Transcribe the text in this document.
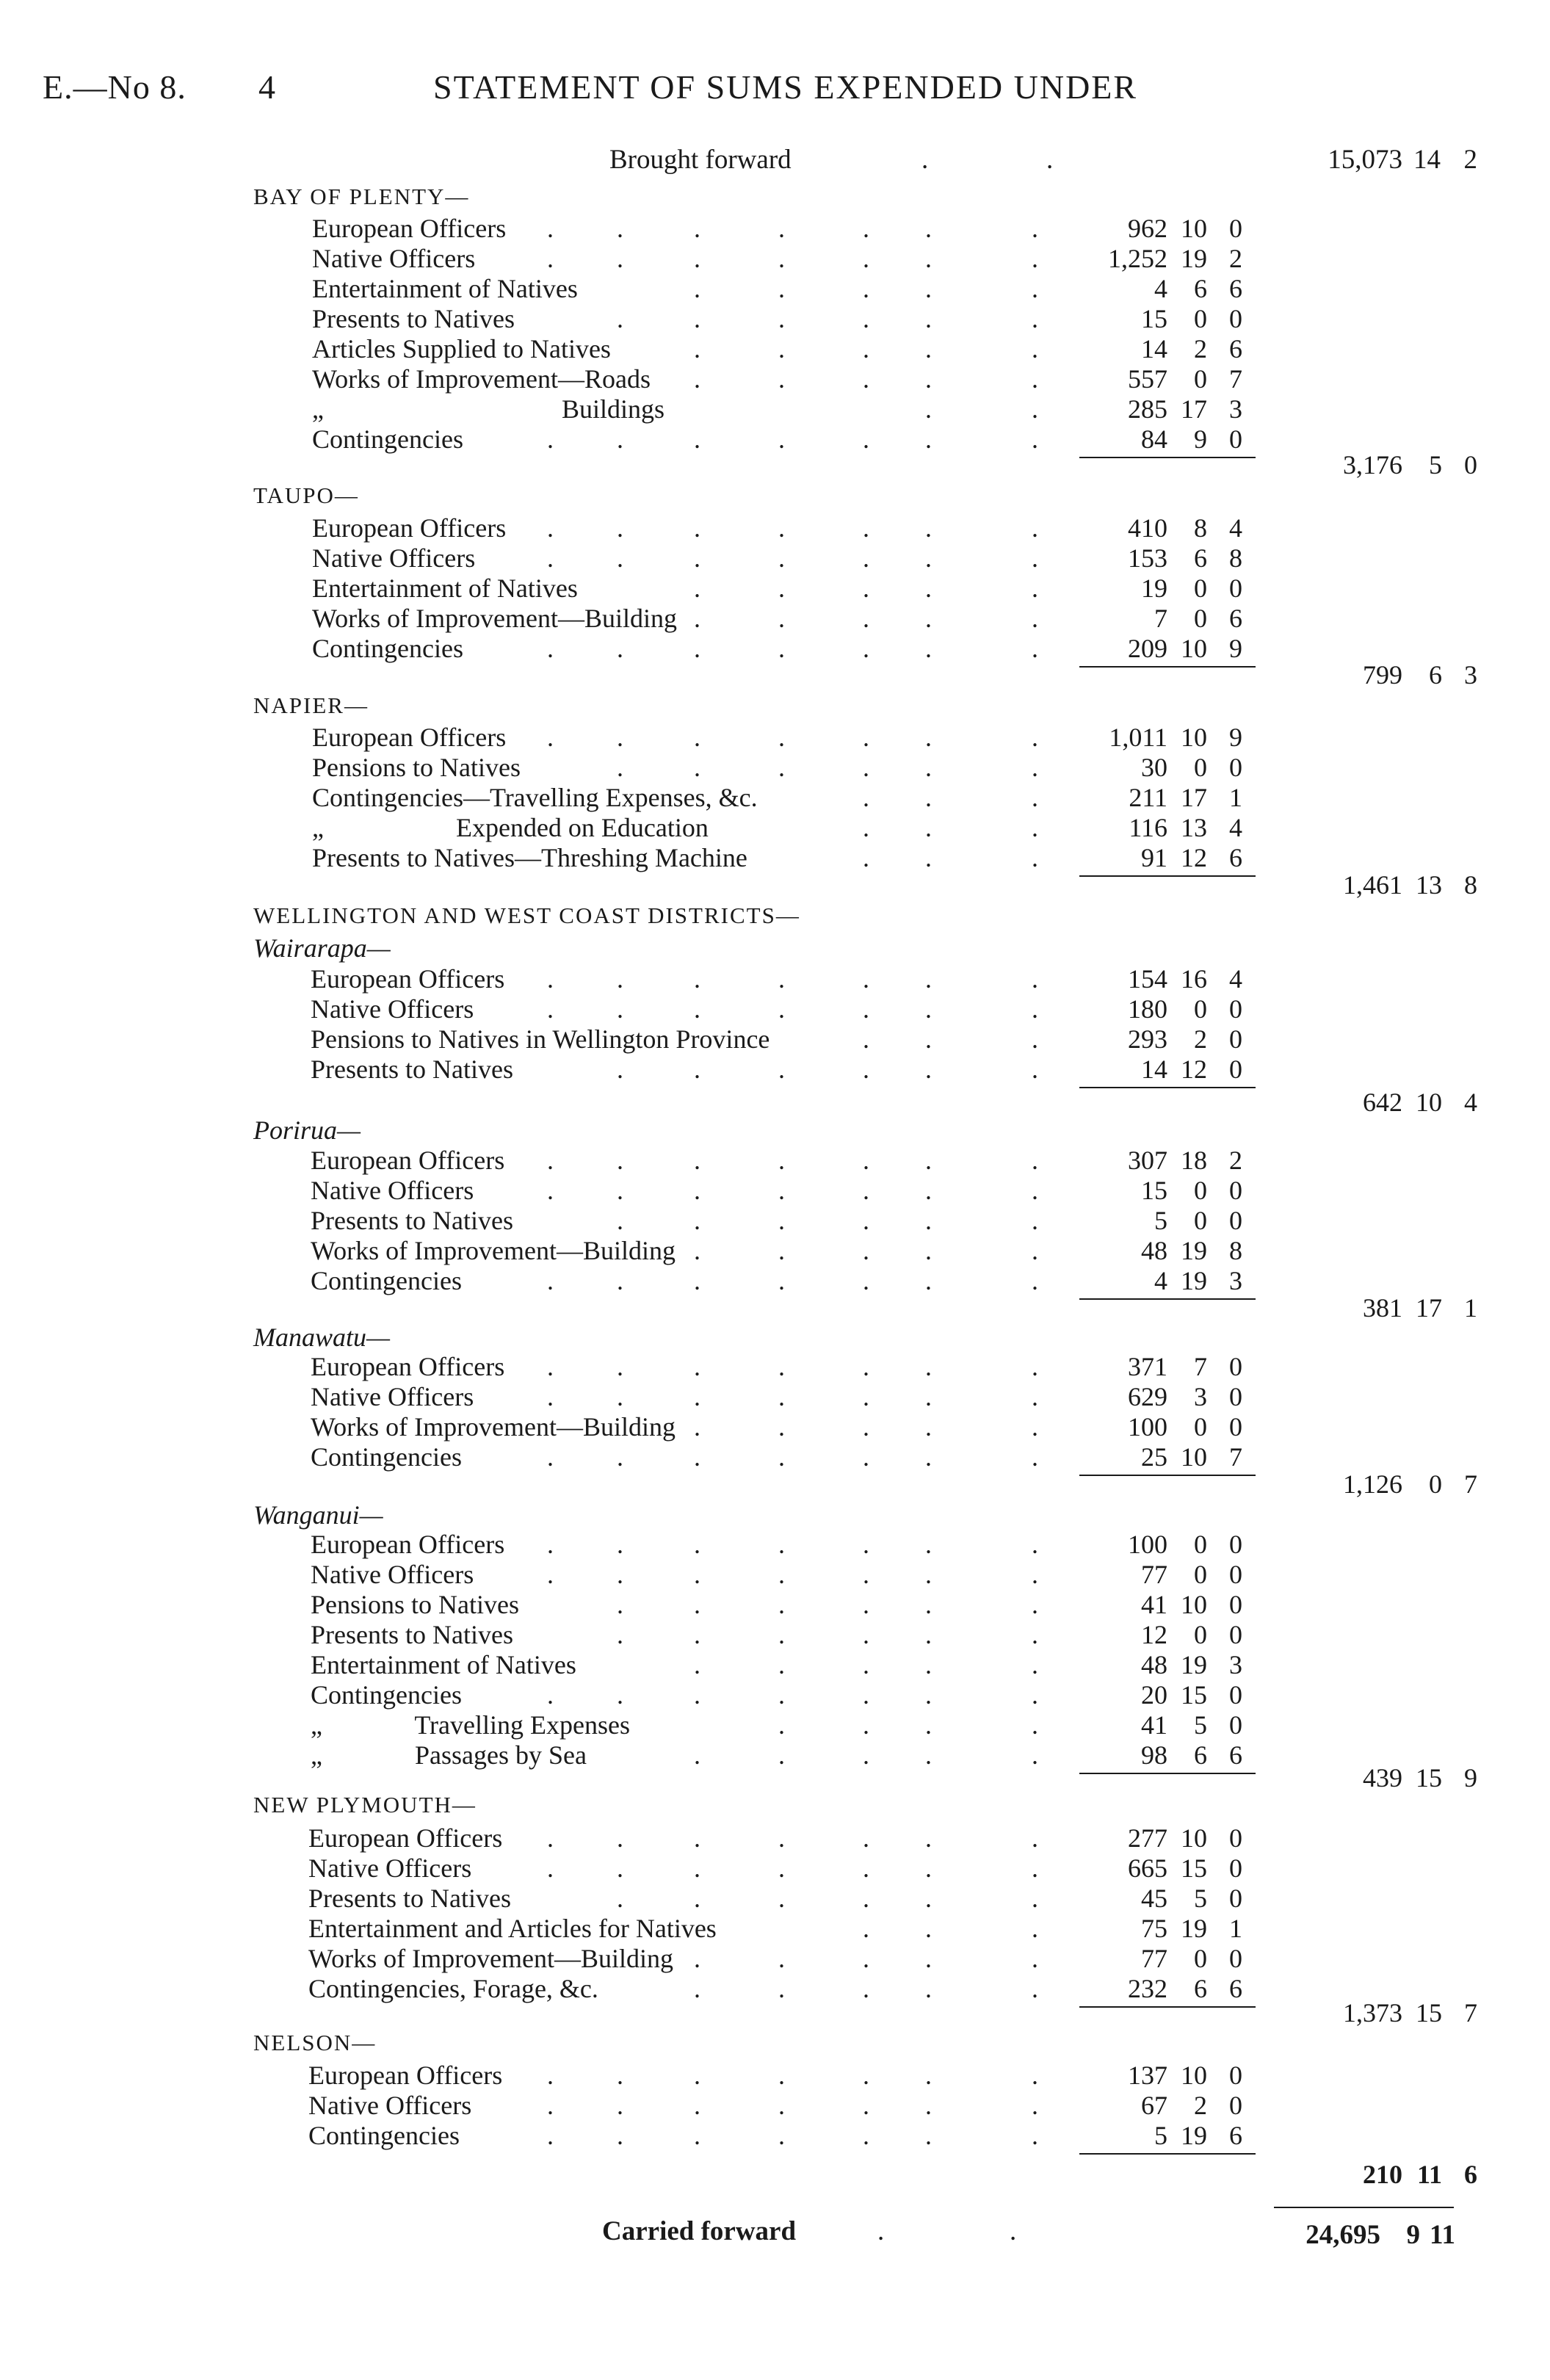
E.—No 8. 4	STATEMENT OF SUMS EXPENDED UNDER
Brought forward	.	.	15,073 14 2
BAY OF PLENTY—
European Officers . .	.	.	. .	.	962 10 0
Native Officers	. .	.	.	. .	.	1,252 19 2
Entertainment of Natives	.	.	. .	.	4	6 6
Presents to Natives	.	.	.	. .	.	15	0 0
Articles Supplied to Natives	.	.	. .	.	14	2 6
Works of Improvement—Roads .	.	. .	.	557	0 7
„                                    Buildings	.	.	285 17 3
Contingencies	. .	.	.	. .	.	84	9 0
3,176	5 0
TAUPO—
European Officers . .	.	.	. .	.	410	8 4
Native Officers	. .	.	.	. .	.	153	6 8
Entertainment of Natives	.	.	. .	.	19	0 0
Works of Improvement—Building .	.	. .	.	7	0 6
Contingencies	. .	.	.	. .	.	209 10 9
799	6 3
NAPIER—
European Officers . .	.	.	. .	.	1,011 10 9
Pensions to Natives	.	.	.	. .	.	30	0 0
Contingencies—Travelling Expenses, &c.	. .	.	211 17 1
„                    Expended on Education	. .	.	116 13 4
Presents to Natives—Threshing Machine	. .	.	91 12 6
1,461 13 8
WELLINGTON AND WEST COAST DISTRICTS—
Wairarapa—
European Officers . .	.	.	. .	.	154 16 4
Native Officers	. .	.	.	. .	.	180	0 0
Pensions to Natives in Wellington Province	. .	.	293	2 0
Presents to Natives	.	.	.	. .	.	14 12 0
642 10 4
Porirua—
European Officers . .	.	.	. .	.	307 18 2
Native Officers	. .	.	.	. .	.	15	0 0
Presents to Natives	.	.	.	. .	.	5	0 0
Works of Improvement—Building .	.	. .	.	48 19 8
Contingencies	. .	.	.	. .	.	4 19 3
381 17 1
Manawatu—
European Officers . .	.	.	. .	.	371	7 0
Native Officers	. .	.	.	. .	.	629	3 0
Works of Improvement—Building .	.	. .	.	100	0 0
Contingencies	. .	.	.	. .	.	25 10 7
1,126	0 7
Wanganui—
European Officers . .	.	.	. .	.	100	0 0
Native Officers	. .	.	.	. .	.	77	0 0
Pensions to Natives	.	.	.	. .	.	41 10 0
Presents to Natives	.	.	.	. .	.	12	0 0
Entertainment of Natives	.	.	. .	.	48 19 3
Contingencies	. .	.	.	. .	.	20 15 0
„              Travelling Expenses	.	. .	.	41	5 0
„              Passages by Sea	.	.	. .	.	98	6 6
439 15 9
NEW PLYMOUTH—
European Officers . .	.	.	. .	.	277 10 0
Native Officers	. .	.	.	. .	.	665 15 0
Presents to Natives	.	.	.	. .	.	45	5 0
Entertainment and Articles for Natives	. .	.	75 19 1
Works of Improvement—Building .	.	. .	.	77	0 0
Contingencies, Forage, &c.	.	.	. .	.	232	6 6
1,373 15 7
NELSON—
European Officers . .	.	.	. .	.	137 10 0
Native Officers	. .	.	.	. .	.	67	2 0
Contingencies	. .	.	.	. .	.	5 19 6
210 11 6
Carried forward	.	.	24,695 9 11
